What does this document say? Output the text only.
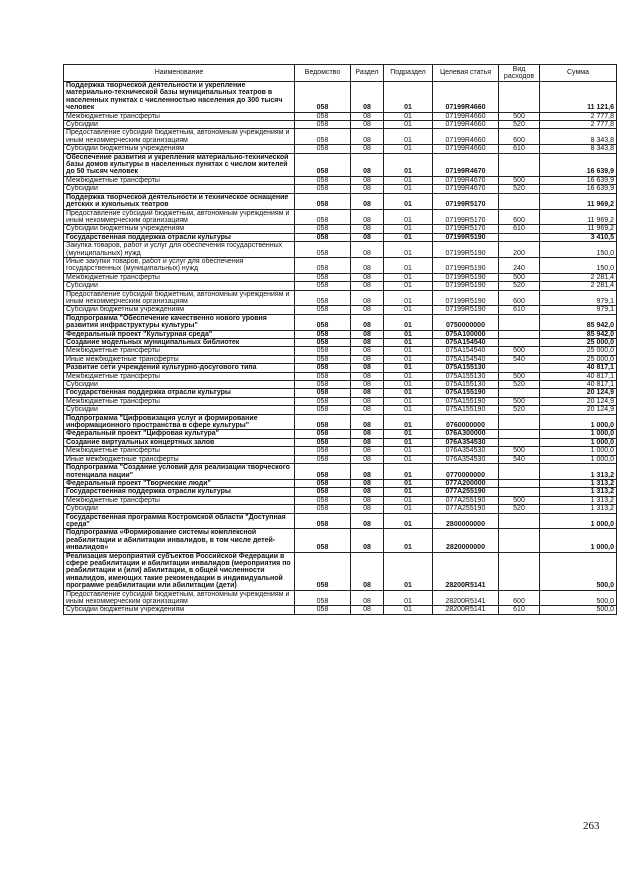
Наименование	Ведомство	Раздел	Подраздел	Целевая статья	Вид расходов	Сумма
Поддержка творческой деятельности и укрепление материально-технической базы муниципальных театров в населенных пунктах с численностью населения до 300 тысяч человек	058	08	01	07199R4660		11 121,6
Межбюджетные трансферты	058	08	01	07199R4660	500	2 777,8
Субсидии	058	08	01	07199R4660	520	2 777,8
Предоставление субсидий бюджетным, автономным учреждениям и иным некоммерческим организациям	058	08	01	07199R4660	600	8 343,8
Субсидии бюджетным учреждениям	058	08	01	07199R4660	610	8 343,8
Обеспечение развития и укрепления материально-технической базы домов культуры в населенных пунктах с числом жителей до 50 тысяч человек	058	08	01	07199R4670		16 639,9
Межбюджетные трансферты	058	08	01	07199R4670	500	16 639,9
Субсидии	058	08	01	07199R4670	520	16 639,9
Поддержка творческой деятельности и техническое оснащение детских и кукольных театров	058	08	01	07199R5170		11 969,2
Предоставление субсидий бюджетным, автономным учреждениям и иным некоммерческим организациям	058	08	01	07199R5170	600	11 969,2
Субсидии бюджетным учреждениям	058	08	01	07199R5170	610	11 969,2
Государственная поддержка отрасли культуры	058	08	01	07199R5190		3 410,5
Закупка товаров, работ и услуг для обеспечения государственных (муниципальных) нужд	058	08	01	07199R5190	200	150,0
Иные закупки товаров, работ и услуг для обеспечения государственных (муниципальных) нужд	058	08	01	07199R5190	240	150,0
Межбюджетные трансферты	058	08	01	07199R5190	500	2 281,4
Субсидии	058	08	01	07199R5190	520	2 281,4
Предоставление субсидий бюджетным, автономным учреждениям и иным некоммерческим организациям	058	08	01	07199R5190	600	979,1
Субсидии бюджетным учреждениям	058	08	01	07199R5190	610	979,1
Подпрограмма "Обеспечение качественно нового уровня развития инфраструктуры культуры"	058	08	01	0750000000		85 942,0
Федеральный проект "Культурная среда"	058	08	01	075A100000		85 942,0
Создание модельных муниципальных библиотек	058	08	01	075A154540		25 000,0
Межбюджетные трансферты	058	08	01	075A154540	500	25 000,0
Иные межбюджетные трансферты	058	08	01	075A154540	540	25 000,0
Развитие сети учреждений культурно-досугового типа	058	08	01	075A155130		40 817,1
Межбюджетные трансферты	058	08	01	075A155130	500	40 817,1
Субсидии	058	08	01	075A155130	520	40 817,1
Государственная поддержка отрасли культуры	058	08	01	075A155190		20 124,9
Межбюджетные трансферты	058	08	01	075A155190	500	20 124,9
Субсидии	058	08	01	075A155190	520	20 124,9
Подпрограмма "Цифровизация услуг и формирование информационного пространства в сфере культуры"	058	08	01	0760000000		1 000,0
Федеральный проект "Цифровая культура"	058	08	01	076A300000		1 000,0
Создание виртуальных концертных залов	058	08	01	076A354530		1 000,0
Межбюджетные трансферты	058	08	01	076A354530	500	1 000,0
Иные межбюджетные трансферты	058	08	01	076A354530	540	1 000,0
Подпрограмма "Создание условий для реализации творческого потенциала нации"	058	08	01	0770000000		1 313,2
Федеральный проект "Творческие люди"	058	08	01	077A200000		1 313,2
Государственная поддержка отрасли культуры	058	08	01	077A255190		1 313,2
Межбюджетные трансферты	058	08	01	077A255190	500	1 313,2
Субсидии	058	08	01	077A255190	520	1 313,2
Государственная программа Костромской области "Доступная среда"	058	08	01	2800000000		1 000,0
Подпрограмма «Формирование системы комплексной реабилитации и абилитации инвалидов, в том числе детей-инвалидов»	058	08	01	2820000000		1 000,0
Реализация мероприятий субъектов Российской Федерации в сфере реабилитации и абилитации инвалидов (мероприятия по реабилитации и (или) абилитации, в общей численности инвалидов, имеющих такие рекомендации в индивидуальной программе реабилитации или абилитации (дети)	058	08	01	28200R5141		500,0
Предоставление субсидий бюджетным, автономным учреждениям и иным некоммерческим организациям	058	08	01	28200R5141	600	500,0
Субсидии бюджетным учреждениям	058	08	01	28200R5141	610	500,0
263
